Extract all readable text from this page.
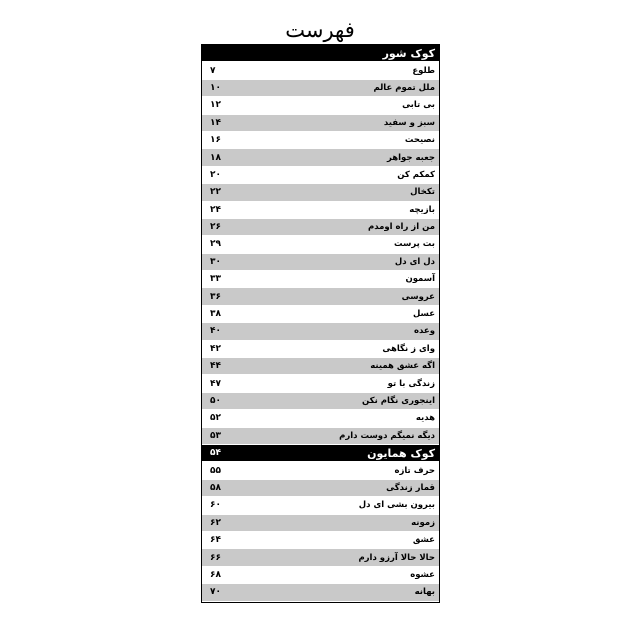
فهرست
کوک شور
طلوع
۷
ملل تموم عالم
۱۰
بی تابی
۱۲
سبز و سفید
۱۴
نصیحت
۱۶
جعبه جواهر
۱۸
کمکم کن
۲۰
تکخال
۲۲
بازیچه
۲۴
من از راه اومدم
۲۶
بت پرست
۲۹
دل ای دل
۳۰
آسمون
۳۳
عروسی
۳۶
عسل
۳۸
وعده
۴۰
وای ز نگاهی
۴۲
اگه عشق همینه
۴۴
زندگی با تو
۴۷
اینجوری نگام نکن
۵۰
هدیه
۵۲
دیگه نمیگم دوست دارم
۵۳
کوک همایون
۵۴
حرف تازه
۵۵
قمار زندگی
۵۸
بیرون بشی ای دل
۶۰
زمونه
۶۲
عشق
۶۴
حالا حالا آرزو دارم
۶۶
عشوه
۶۸
بهانه
۷۰
